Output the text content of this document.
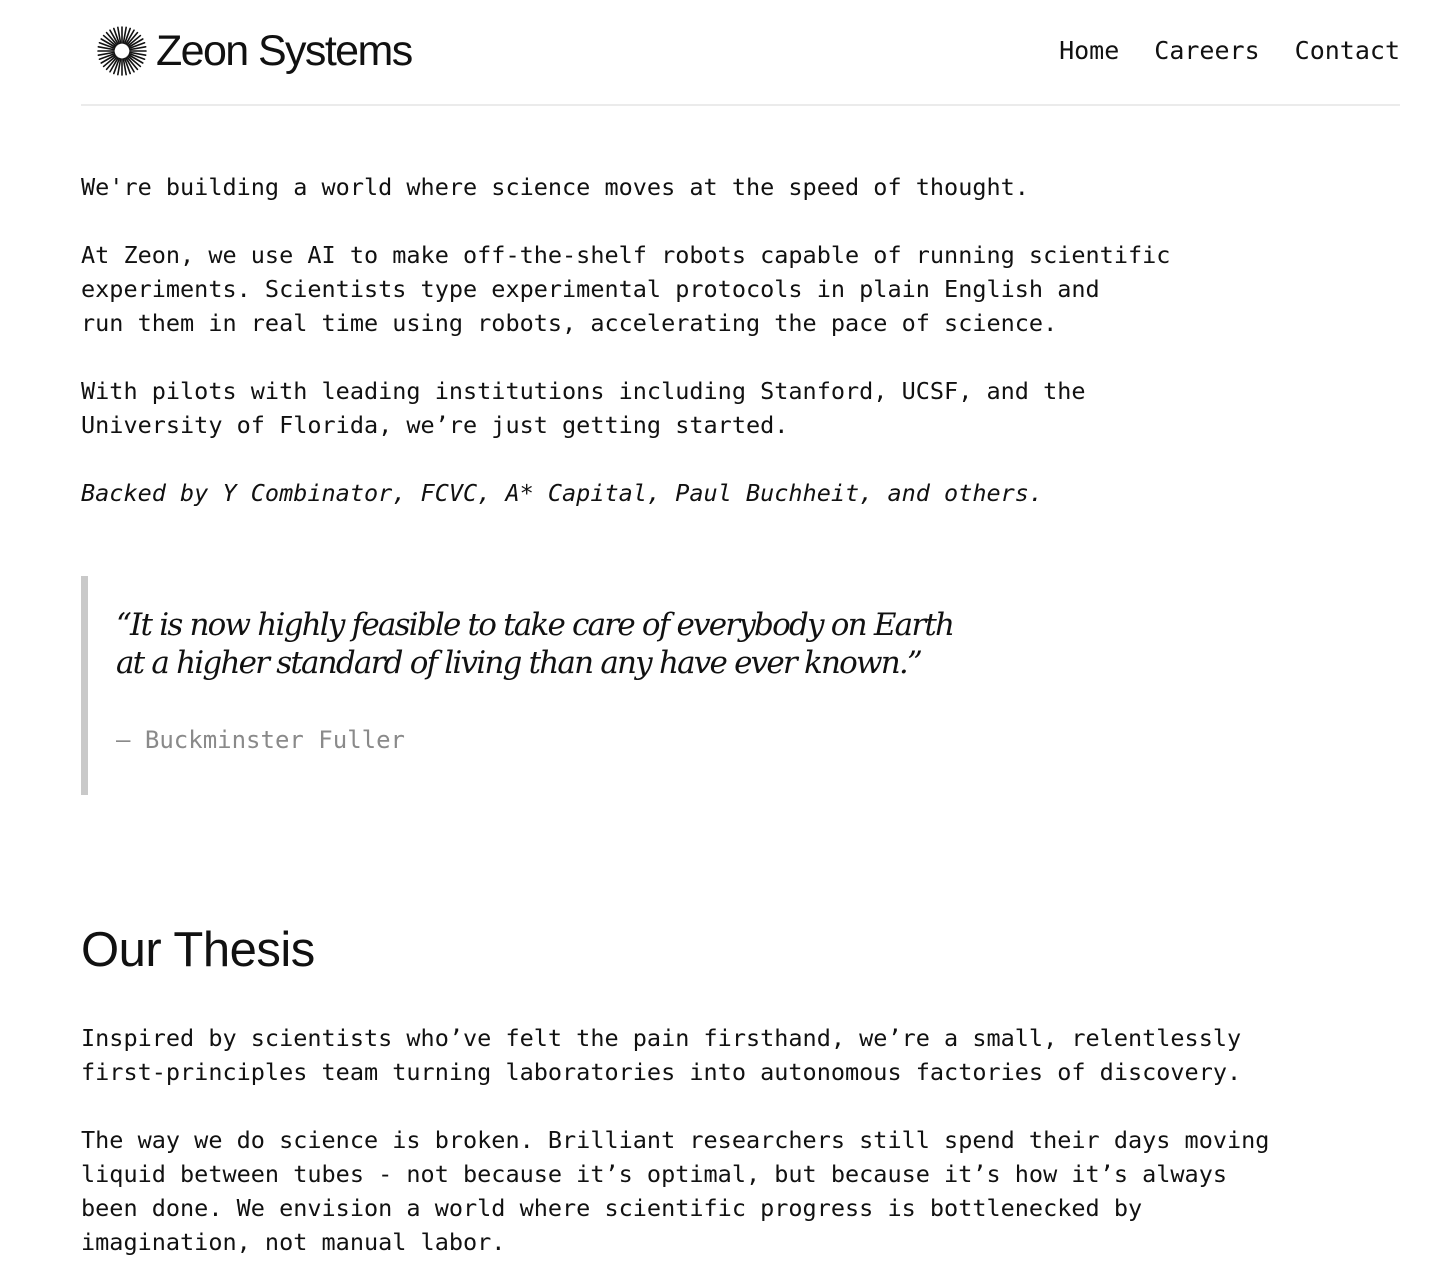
Zeon Systems	Home Careers Contact

We're building a world where science moves at the speed of thought.

At Zeon, we use AI to make off-the-shelf robots capable of running scientific
experiments. Scientists type experimental protocols in plain English and
run them in real time using robots, accelerating the pace of science.

With pilots with leading institutions including Stanford, UCSF, and the
University of Florida, we’re just getting started.

Backed by Y Combinator, FCVC, A* Capital, Paul Buchheit, and others.

“It is now highly feasible to take care of everybody on Earth
at a higher standard of living than any have ever known.”

— Buckminster Fuller
Our Thesis

Inspired by scientists who’ve felt the pain firsthand, we’re a small, relentlessly
first-principles team turning laboratories into autonomous factories of discovery.

The way we do science is broken. Brilliant researchers still spend their days moving
liquid between tubes - not because it’s optimal, but because it’s how it’s always
been done. We envision a world where scientific progress is bottlenecked by
imagination, not manual labor.
